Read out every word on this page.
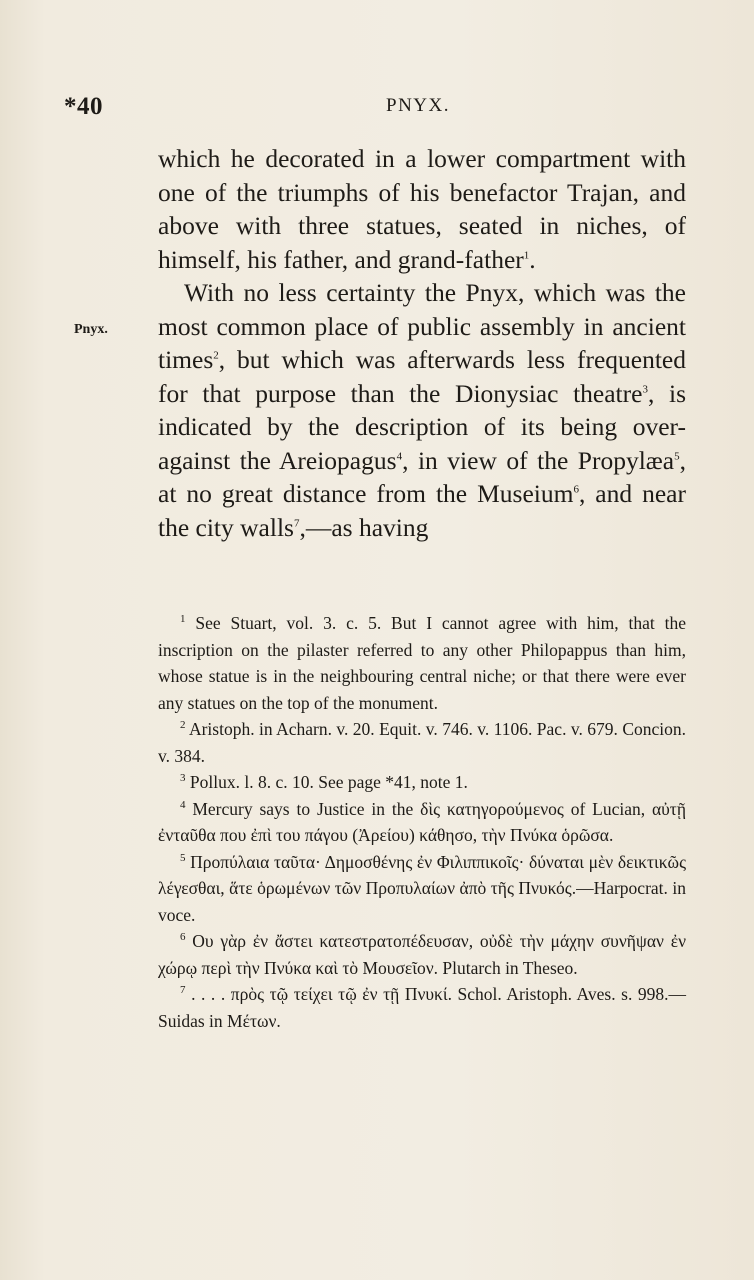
*40	PNYX.
Pnyx.

which he decorated in a lower compartment with one of the triumphs of his benefactor Trajan, and above with three statues, seated in niches, of himself, his father, and grand-father$^1$.

With no less certainty the Pnyx, which was the most common place of public assembly in ancient times$^2$, but which was afterwards less frequented for that purpose than the Dionysiac theatre$^3$, is indicated by the description of its being over-against the Areiopagus$^4$, in view of the Propylæa$^5$, at no great distance from the Museium$^6$, and near the city walls$^7$,—as having

$^1$ See Stuart, vol. 3. c. 5. But I cannot agree with him, that the inscription on the pilaster referred to any other Philopappus than him, whose statue is in the neighbouring central niche; or that there were ever any statues on the top of the monument.

$^2$ Aristoph. in Acharn. v. 20. Equit. v. 746. v. 1106. Pac. v. 679. Concion. v. 384.

$^3$ Pollux. l. 8. c. 10. See page *41, note 1.

$^4$ Mercury says to Justice in the δὶς κατηγορούμενος of Lucian, αὐτῇ ἐνταῦθα που ἐπὶ του πάγου (Ἀρείου) κάθησο, τὴν Πνύκα ὁρῶσα.

$^5$ Προπύλαια ταῦτα· Δημοσθένης ἐν Φιλιππικοῖς· δύναται μὲν δεικτικῶς λέγεσθαι, ἅτε ὁρωμένων τῶν Προπυλαίων ἀπὸ τῆς Πνυκός.—Harpocrat. in voce.

$^6$ Ου γὰρ ἐν ἄστει κατεστρατοπέδευσαν, οὐδὲ τὴν μάχην συνῆψαν ἐν χώρῳ περὶ τὴν Πνύκα καὶ τὸ Μουσεῖον. Plutarch in Theseo.

$^7$ . . . . πρὸς τῷ τείχει τῷ ἐν τῇ Πνυκί. Schol. Aristoph. Aves. s. 998.—Suidas in Μέτων.
